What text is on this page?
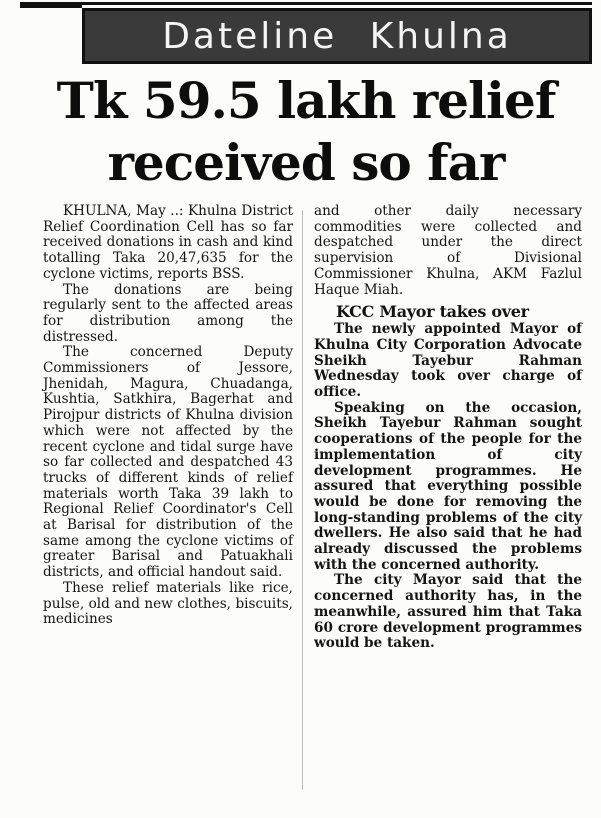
Dateline Khulna
Tk 59.5 lakh relief
received so far

KHULNA, May ..: Khulna District Relief Coordination Cell has so far received donations in cash and kind totalling Taka 20,47,635 for the cyclone victims, reports BSS.

The donations are being regularly sent to the affected areas for distribution among the distressed.

The concerned Deputy Commissioners of Jessore, Jhenidah, Magura, Chuadanga, Kushtia, Satkhira, Bagerhat and Pirojpur districts of Khulna division which were not affected by the recent cyclone and tidal surge have so far collected and despatched 43 trucks of different kinds of relief materials worth Taka 39 lakh to Regional Relief Coordinator's Cell at Barisal for distribution of the same among the cyclone victims of greater Barisal and Patuakhali districts, and official handout said.

These relief materials like rice, pulse, old and new clothes, biscuits, medicines

and other daily necessary commodities were collected and despatched under the direct supervision of Divisional Commissioner Khulna, AKM Fazlul Haque Miah.

KCC Mayor takes over

The newly appointed Mayor of Khulna City Corporation Advocate Sheikh Tayebur Rahman Wednesday took over charge of office.

Speaking on the occasion, Sheikh Tayebur Rahman sought cooperations of the people for the implementation of city development programmes. He assured that everything possible would be done for removing the long-standing problems of the city dwellers. He also said that he had already discussed the problems with the concerned authority.

The city Mayor said that the concerned authority has, in the meanwhile, assured him that Taka 60 crore development programmes would be taken.
